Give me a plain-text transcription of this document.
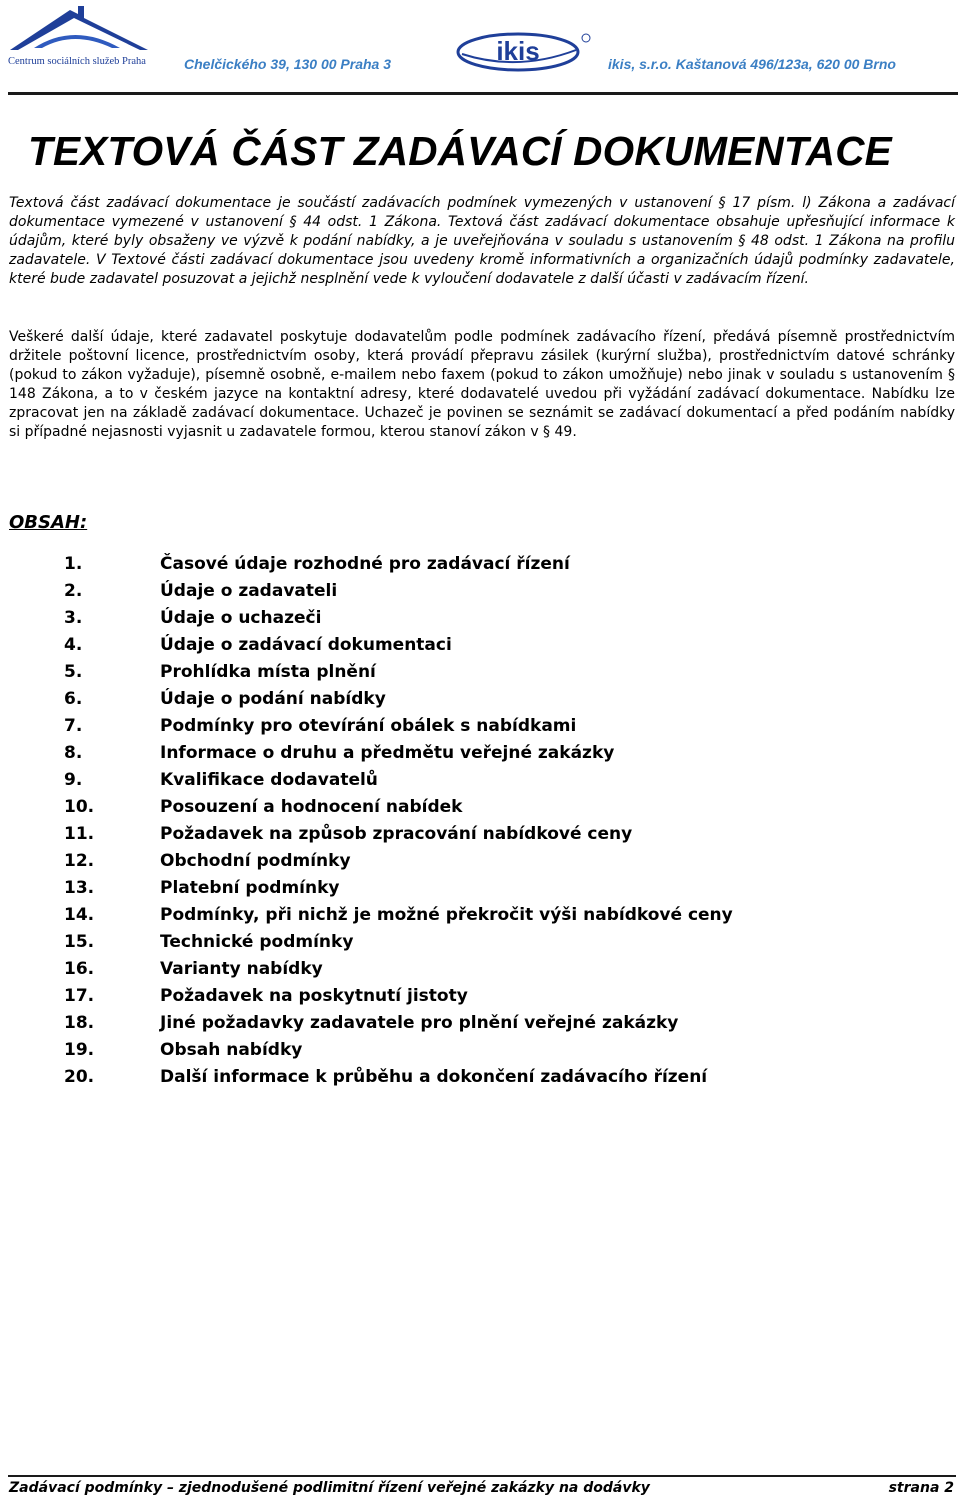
Centrum sociálních služeb Praha	Chelčického 39, 130 00 Praha 3	ikis	ikis, s.r.o. Kaštanová 496/123a, 620 00 Brno
TEXTOVÁ ČÁST ZADÁVACÍ DOKUMENTACE

Textová část zadávací dokumentace je součástí zadávacích podmínek vymezených v ustanovení § 17 písm. l) Zákona a zadávací dokumentace vymezené v ustanovení § 44 odst. 1 Zákona. Textová část zadávací dokumentace obsahuje upřesňující informace k údajům, které byly obsaženy ve výzvě k podání nabídky, a je uveřejňována v souladu s ustanovením § 48 odst. 1 Zákona na profilu zadavatele. V Textové části zadávací dokumentace jsou uvedeny kromě informativních a organizačních údajů podmínky zadavatele, které bude zadavatel posuzovat a jejichž nesplnění vede k vyloučení dodavatele z další účasti v zadávacím řízení.

Veškeré další údaje, které zadavatel poskytuje dodavatelům podle podmínek zadávacího řízení, předává písemně prostřednictvím držitele poštovní licence, prostřednictvím osoby, která provádí přepravu zásilek (kurýrní služba), prostřednictvím datové schránky (pokud to zákon vyžaduje), písemně osobně, e-mailem nebo faxem (pokud to zákon umožňuje) nebo jinak v souladu s ustanovením § 148 Zákona, a to v českém jazyce na kontaktní adresy, které dodavatelé uvedou při vyžádání zadávací dokumentace. Nabídku lze zpracovat jen na základě zadávací dokumentace. Uchazeč je povinen se seznámit se zadávací dokumentací a před podáním nabídky si případné nejasnosti vyjasnit u zadavatele formou, kterou stanoví zákon v § 49.

OBSAH:
1.	Časové údaje rozhodné pro zadávací řízení
2.	Údaje o zadavateli
3.	Údaje o uchazeči
4.	Údaje o zadávací dokumentaci
5.	Prohlídka místa plnění
6.	Údaje o podání nabídky
7.	Podmínky pro otevírání obálek s nabídkami
8.	Informace o druhu a předmětu veřejné zakázky
9.	Kvalifikace dodavatelů
10.	Posouzení a hodnocení nabídek
11.	Požadavek na způsob zpracování nabídkové ceny
12.	Obchodní podmínky
13.	Platební podmínky
14.	Podmínky, při nichž je možné překročit výši nabídkové ceny
15.	Technické podmínky
16.	Varianty nabídky
17.	Požadavek na poskytnutí jistoty
18.	Jiné požadavky zadavatele pro plnění veřejné zakázky
19.	Obsah nabídky
20.	Další informace k průběhu a dokončení zadávacího řízení
Zadávací podmínky – zjednodušené podlimitní řízení veřejné zakázky na dodávky	strana 2
